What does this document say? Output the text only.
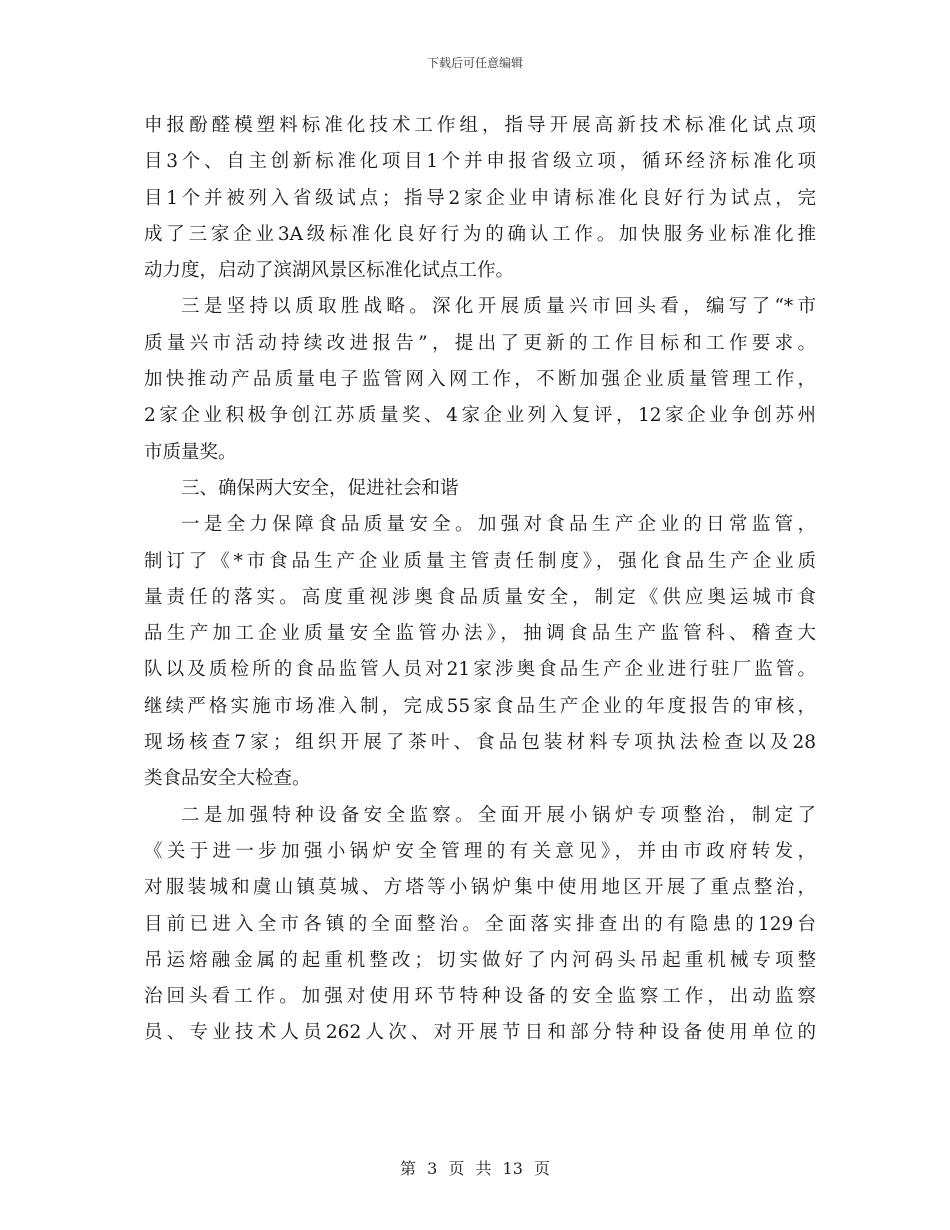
下载后可任意编辑
申报酚醛模塑料标准化技术工作组，指导开展高新技术标准化试点项
目3个、自主创新标准化项目1个并申报省级立项，循环经济标准化项
目1个并被列入省级试点；指导2家企业申请标准化良好行为试点，完
成了三家企业3A级标准化良好行为的确认工作。加快服务业标准化推
动力度，启动了滨湖风景区标准化试点工作。
三是坚持以质取胜战略。深化开展质量兴市回头看，编写了“*市
质量兴市活动持续改进报告”，提出了更新的工作目标和工作要求。
加快推动产品质量电子监管网入网工作，不断加强企业质量管理工作，
2家企业积极争创江苏质量奖、4家企业列入复评，12家企业争创苏州
市质量奖。
三、确保两大安全，促进社会和谐
一是全力保障食品质量安全。加强对食品生产企业的日常监管，
制订了《*市食品生产企业质量主管责任制度》，强化食品生产企业质
量责任的落实。高度重视涉奥食品质量安全，制定《供应奥运城市食
品生产加工企业质量安全监管办法》，抽调食品生产监管科、稽查大
队以及质检所的食品监管人员对21家涉奥食品生产企业进行驻厂监管。
继续严格实施市场准入制，完成55家食品生产企业的年度报告的审核，
现场核查7家；组织开展了茶叶、食品包装材料专项执法检查以及28
类食品安全大检查。
二是加强特种设备安全监察。全面开展小锅炉专项整治，制定了
《关于进一步加强小锅炉安全管理的有关意见》，并由市政府转发，
对服装城和虞山镇莫城、方塔等小锅炉集中使用地区开展了重点整治，
目前已进入全市各镇的全面整治。全面落实排查出的有隐患的129台
吊运熔融金属的起重机整改；切实做好了内河码头吊起重机械专项整
治回头看工作。加强对使用环节特种设备的安全监察工作，出动监察
员、专业技术人员262人次、对开展节日和部分特种设备使用单位的
第 3 页 共 13 页
